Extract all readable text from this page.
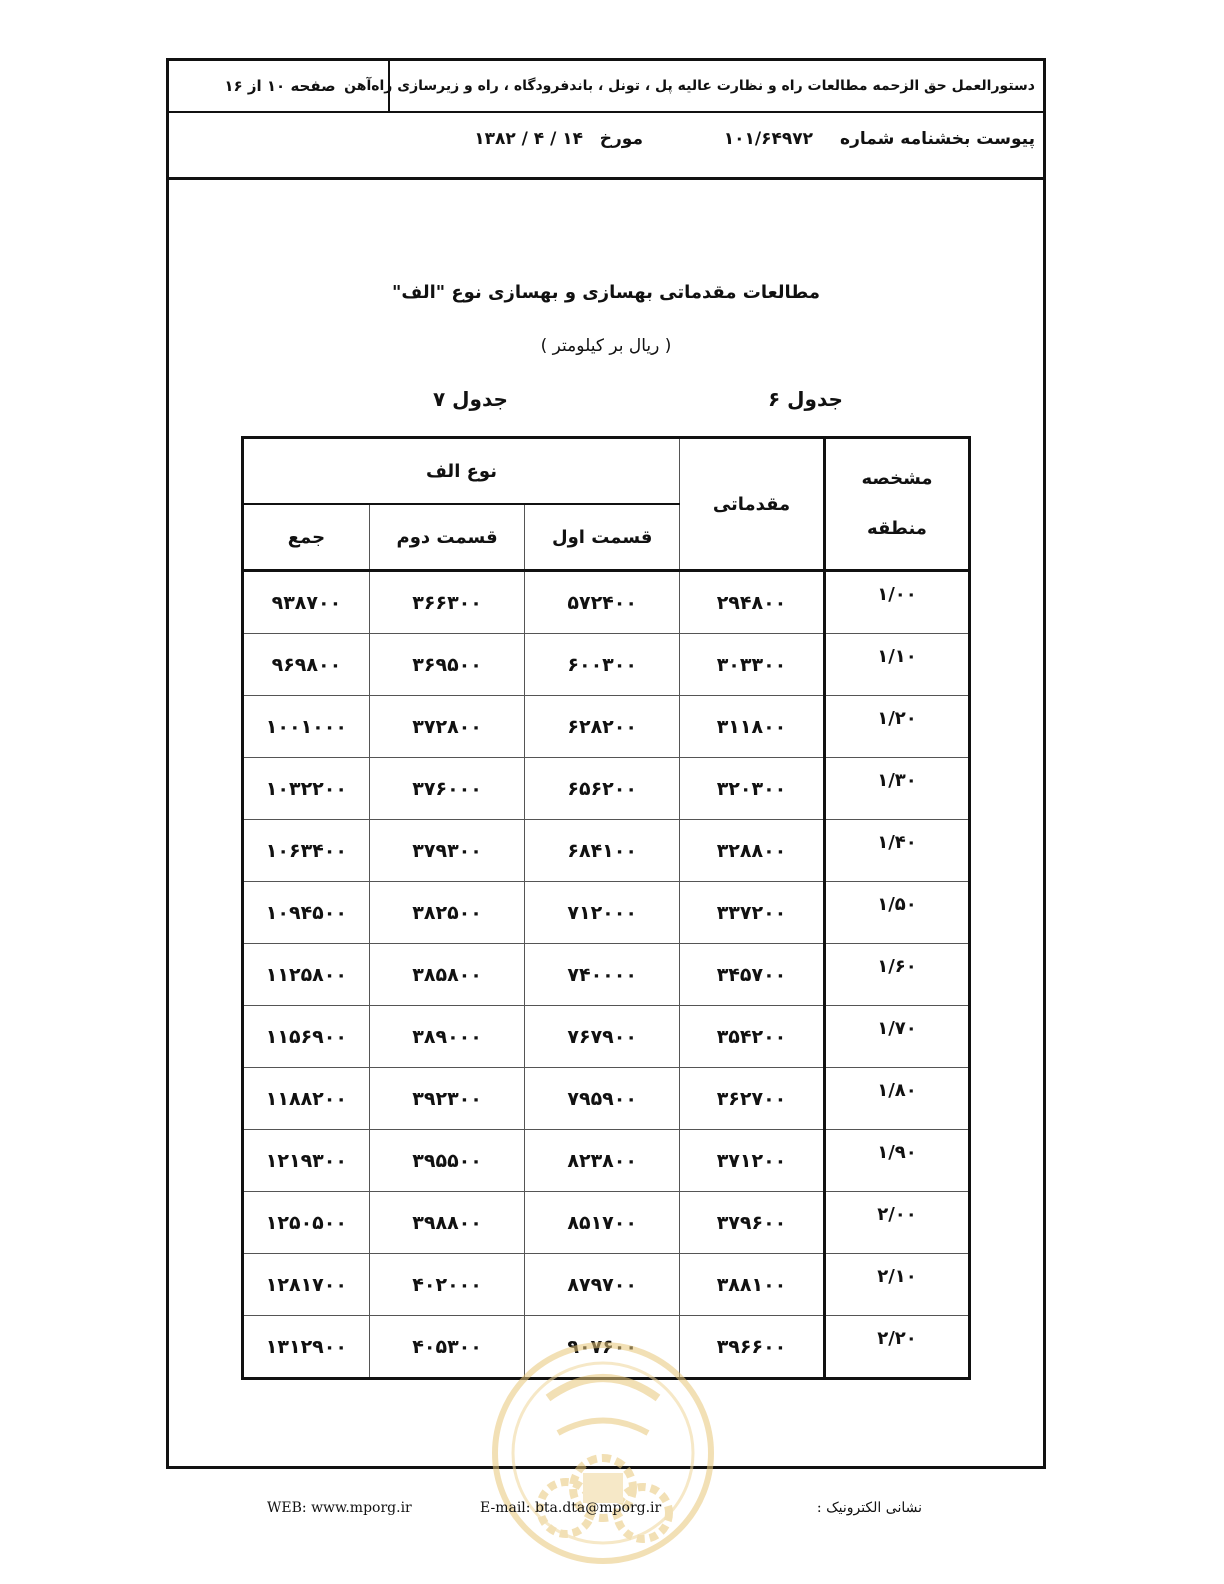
دستورالعمل حق الزحمه مطالعات راه و نظارت عالیه پل ، تونل ، باندفرودگاه ، راه و زیرسازی راه‌آهن
صفحه ۱۰ از ۱۶
پیوست بخشنامه شماره
۱۰۱/۶۴۹۷۲
مورخ
۱۴ / ۴ / ۱۳۸۲
مطالعات مقدماتی بهسازی و بهسازی نوع "الف"
( ریال بر کیلومتر )
جدول ۶
جدول ۷
مشخصه
منطقه	مقدماتی	نوع الف		
		قسمت اول	قسمت دوم	جمع
۱/۰۰	۲۹۴۸۰۰	۵۷۲۴۰۰	۳۶۶۳۰۰	۹۳۸۷۰۰
۱/۱۰	۳۰۳۳۰۰	۶۰۰۳۰۰	۳۶۹۵۰۰	۹۶۹۸۰۰
۱/۲۰	۳۱۱۸۰۰	۶۲۸۲۰۰	۳۷۲۸۰۰	۱۰۰۱۰۰۰
۱/۳۰	۳۲۰۳۰۰	۶۵۶۲۰۰	۳۷۶۰۰۰	۱۰۳۲۲۰۰
۱/۴۰	۳۲۸۸۰۰	۶۸۴۱۰۰	۳۷۹۳۰۰	۱۰۶۳۴۰۰
۱/۵۰	۳۳۷۲۰۰	۷۱۲۰۰۰	۳۸۲۵۰۰	۱۰۹۴۵۰۰
۱/۶۰	۳۴۵۷۰۰	۷۴۰۰۰۰	۳۸۵۸۰۰	۱۱۲۵۸۰۰
۱/۷۰	۳۵۴۲۰۰	۷۶۷۹۰۰	۳۸۹۰۰۰	۱۱۵۶۹۰۰
۱/۸۰	۳۶۲۷۰۰	۷۹۵۹۰۰	۳۹۲۳۰۰	۱۱۸۸۲۰۰
۱/۹۰	۳۷۱۲۰۰	۸۲۳۸۰۰	۳۹۵۵۰۰	۱۲۱۹۳۰۰
۲/۰۰	۳۷۹۶۰۰	۸۵۱۷۰۰	۳۹۸۸۰۰	۱۲۵۰۵۰۰
۲/۱۰	۳۸۸۱۰۰	۸۷۹۷۰۰	۴۰۲۰۰۰	۱۲۸۱۷۰۰
۲/۲۰	۳۹۶۶۰۰	۹۰۷۶۰۰	۴۰۵۳۰۰	۱۳۱۲۹۰۰
WEB: www.mporg.ir	E-mail: bta.dta@mporg.ir	نشانی الکترونیک :
